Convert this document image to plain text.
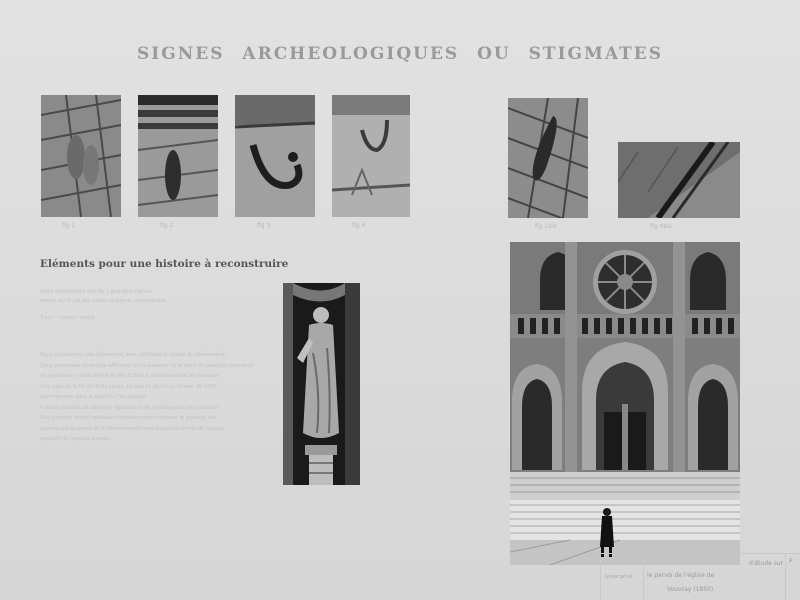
SIGNES ARCHEOLOGIQUES OU STIGMATES
fig 1	fig 2	fig 3	fig 4	fig 2bis	fig 4bis
Eléments pour une histoire à reconstruire
Sorte d'empreinte voir fig 1 grandeur nature
dessin sur le sol des dalles du parvis, dénombrées
Trace : contour visible
Nous ne pourrons pas déterminer avec certitude la nature du phénomène.
Deux personnes ensemble affirment qu'ils auraient vu la trace du passage comme si
un guérisseur s'était arrêté là vers 0,30m à l'ouest portant les marques
d'un pied de la fin du XVIIe siècle, tel que l'a décrit un témoin de 1807
voir mémoire dans la sacristie l'an dernier.
Il serait possible de dater les réparations de ce dallage et son contexte.
Ceci pourrait fournir quelques indications pour retracer le passage des
pèlerins sur le parvis et le cheminement vers le portail central de l'église,
pendant de longues années.
lycée privé
d'étude sur
le parvis de l'église de
Vouvray (1850)
P
